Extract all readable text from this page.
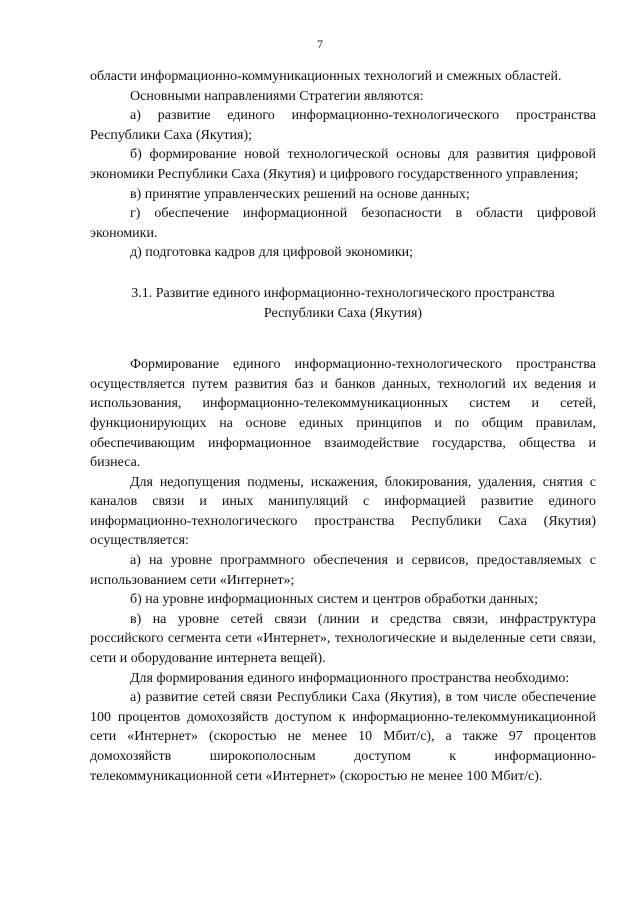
7

области информационно-коммуникационных технологий и смежных областей.

Основными направлениями Стратегии являются:

а) развитие единого информационно-технологического пространства Республики Саха (Якутия);

б) формирование новой технологической основы для развития цифровой экономики Республики Саха (Якутия) и цифрового государственного управления;

в) принятие управленческих решений на основе данных;

г) обеспечение информационной безопасности в области цифровой экономики.

д) подготовка кадров для цифровой экономики;

3.1. Развитие единого информационно-технологического пространства
Республики Саха (Якутия)

Формирование единого информационно-технологического пространства осуществляется путем развития баз и банков данных, технологий их ведения и использования, информационно-телекоммуникационных систем и сетей, функционирующих на основе единых принципов и по общим правилам, обеспечивающим информационное взаимодействие государства, общества и бизнеса.

Для недопущения подмены, искажения, блокирования, удаления, снятия с каналов связи и иных манипуляций с информацией развитие единого информационно-технологического пространства Республики Саха (Якутия) осуществляется:

а) на уровне программного обеспечения и сервисов, предоставляемых с использованием сети «Интернет»;

б) на уровне информационных систем и центров обработки данных;

в) на уровне сетей связи (линии и средства связи, инфраструктура российского сегмента сети «Интернет», технологические и выделенные сети связи, сети и оборудование интернета вещей).

Для формирования единого информационного пространства необходимо:

а) развитие сетей связи Республики Саха (Якутия), в том числе обеспечение 100 процентов домохозяйств доступом к информационно-телекоммуникационной сети «Интернет» (скоростью не менее 10 Мбит/с), а также 97 процентов домохозяйств широкополосным доступом к информационно-телекоммуникационной сети «Интернет» (скоростью не менее 100 Мбит/с).
